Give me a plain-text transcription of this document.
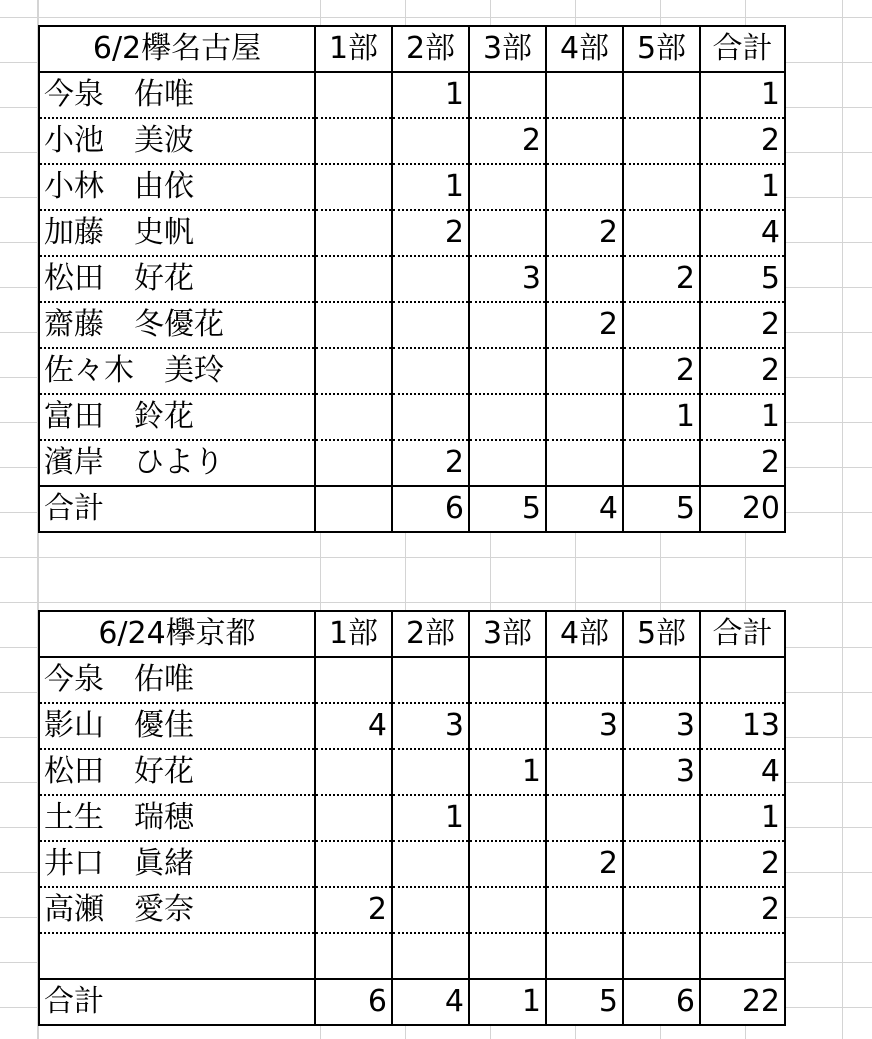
6/2欅名古屋	1部	2部	3部	4部	5部	合計
今泉　佑唯		1				1
小池　美波			2			2
小林　由依		1				1
加藤　史帆		2		2		4
松田　好花			3		2	5
齋藤　冬優花				2		2
佐々木　美玲					2	2
富田　鈴花					1	1
濱岸　ひより		2				2
合計		6	5	4	5	20
6/24欅京都	1部	2部	3部	4部	5部	合計
今泉　佑唯						
影山　優佳	4	3		3	3	13
松田　好花			1		3	4
土生　瑞穂		1				1
井口　眞緒				2		2
高瀬　愛奈	2					2

合計	6	4	1	5	6	22
